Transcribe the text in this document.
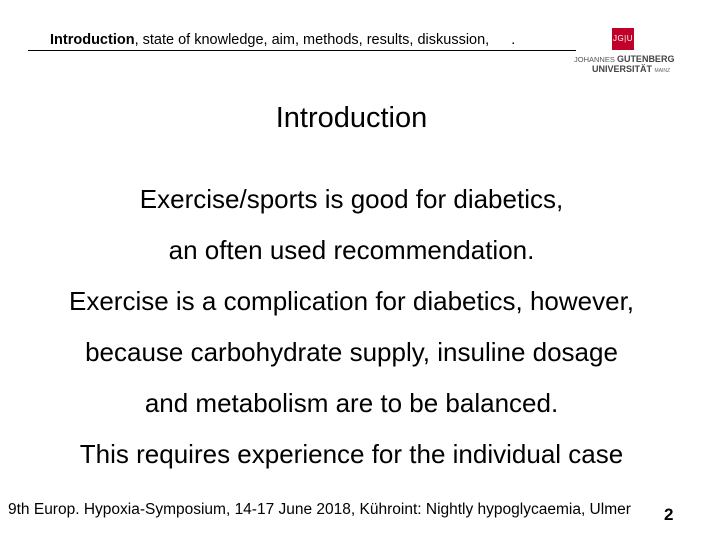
Introduction, state of knowledge, aim, methods, results, diskussion, .	JG|U
JOHANNES GUTENBERG
UNIVERSITÄT MAINZ
Introduction
Exercise/sports is good for diabetics,
an often used recommendation.
Exercise is a complication for diabetics, however,
because carbohydrate supply, insuline dosage
and metabolism are to be balanced.
This requires experience for the individual case
9th Europ. Hypoxia-Symposium, 14-17 June 2018, Kühroint: Nightly hypoglycaemia, Ulmer 2
